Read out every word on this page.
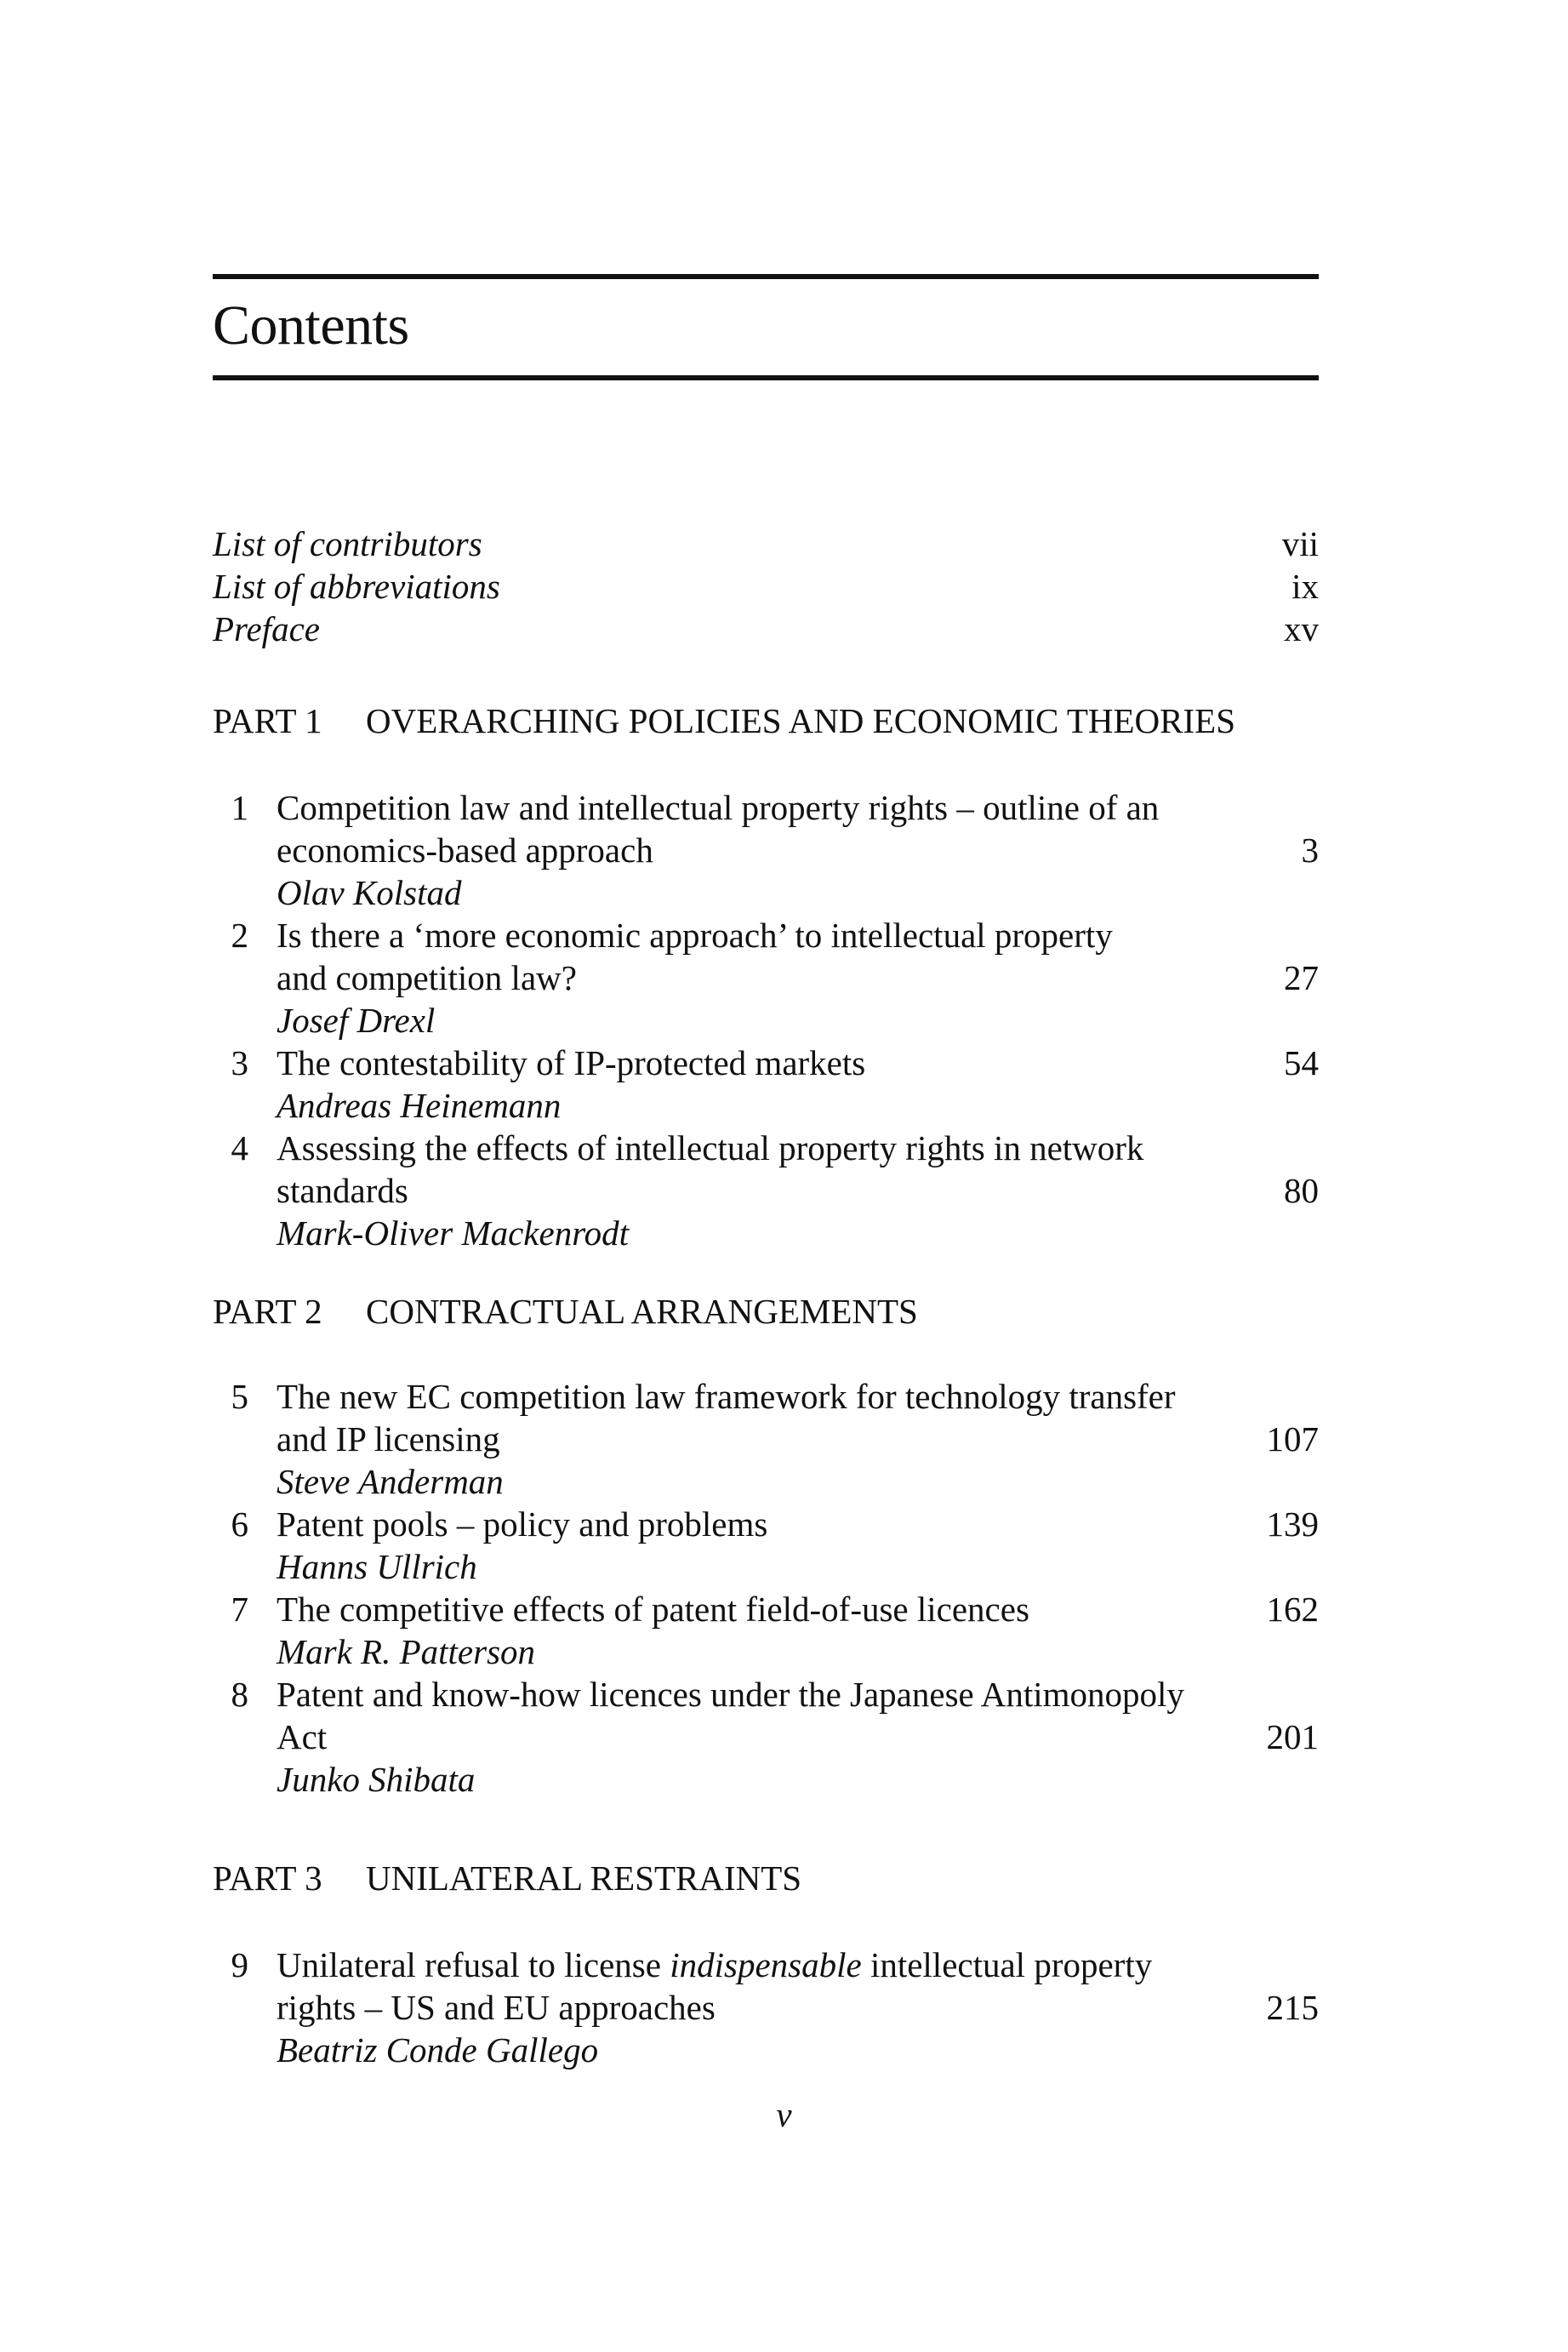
Contents
List of contributors	vii
List of abbreviations	ix
Preface	xv
PART 1 OVERARCHING POLICIES AND ECONOMIC THEORIES
1 Competition law and intellectual property rights – outline of an
economics-based approach	3
Olav Kolstad
2 Is there a ‘more economic approach’ to intellectual property
and competition law?	27
Josef Drexl
3 The contestability of IP-protected markets	54
Andreas Heinemann
4 Assessing the effects of intellectual property rights in network
standards	80
Mark-Oliver Mackenrodt
PART 2 CONTRACTUAL ARRANGEMENTS
5 The new EC competition law framework for technology transfer
and IP licensing	107
Steve Anderman
6 Patent pools – policy and problems	139
Hanns Ullrich
7 The competitive effects of patent field-of-use licences	162
Mark R. Patterson
8 Patent and know-how licences under the Japanese Antimonopoly
Act	201
Junko Shibata
PART 3 UNILATERAL RESTRAINTS
9 Unilateral refusal to license indispensable intellectual property
rights – US and EU approaches	215
Beatriz Conde Gallego
v
